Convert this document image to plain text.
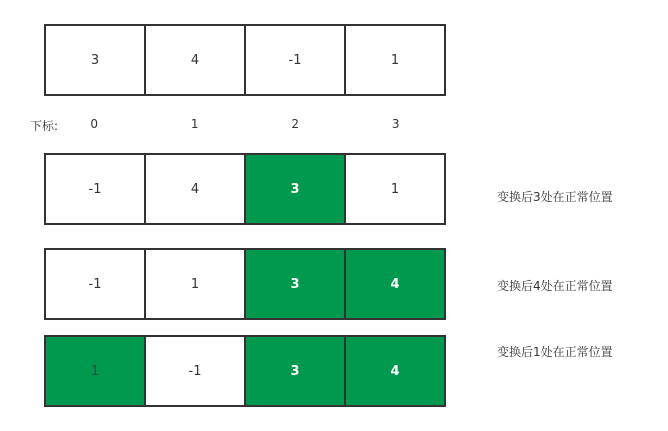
3	4	-1	1
下标:	0	1	2	3
-1	4	3	1
变换后3处在正常位置
-1	1	3	4	变换后4处在正常位置
1	-1	3	4
变换后1处在正常位置
